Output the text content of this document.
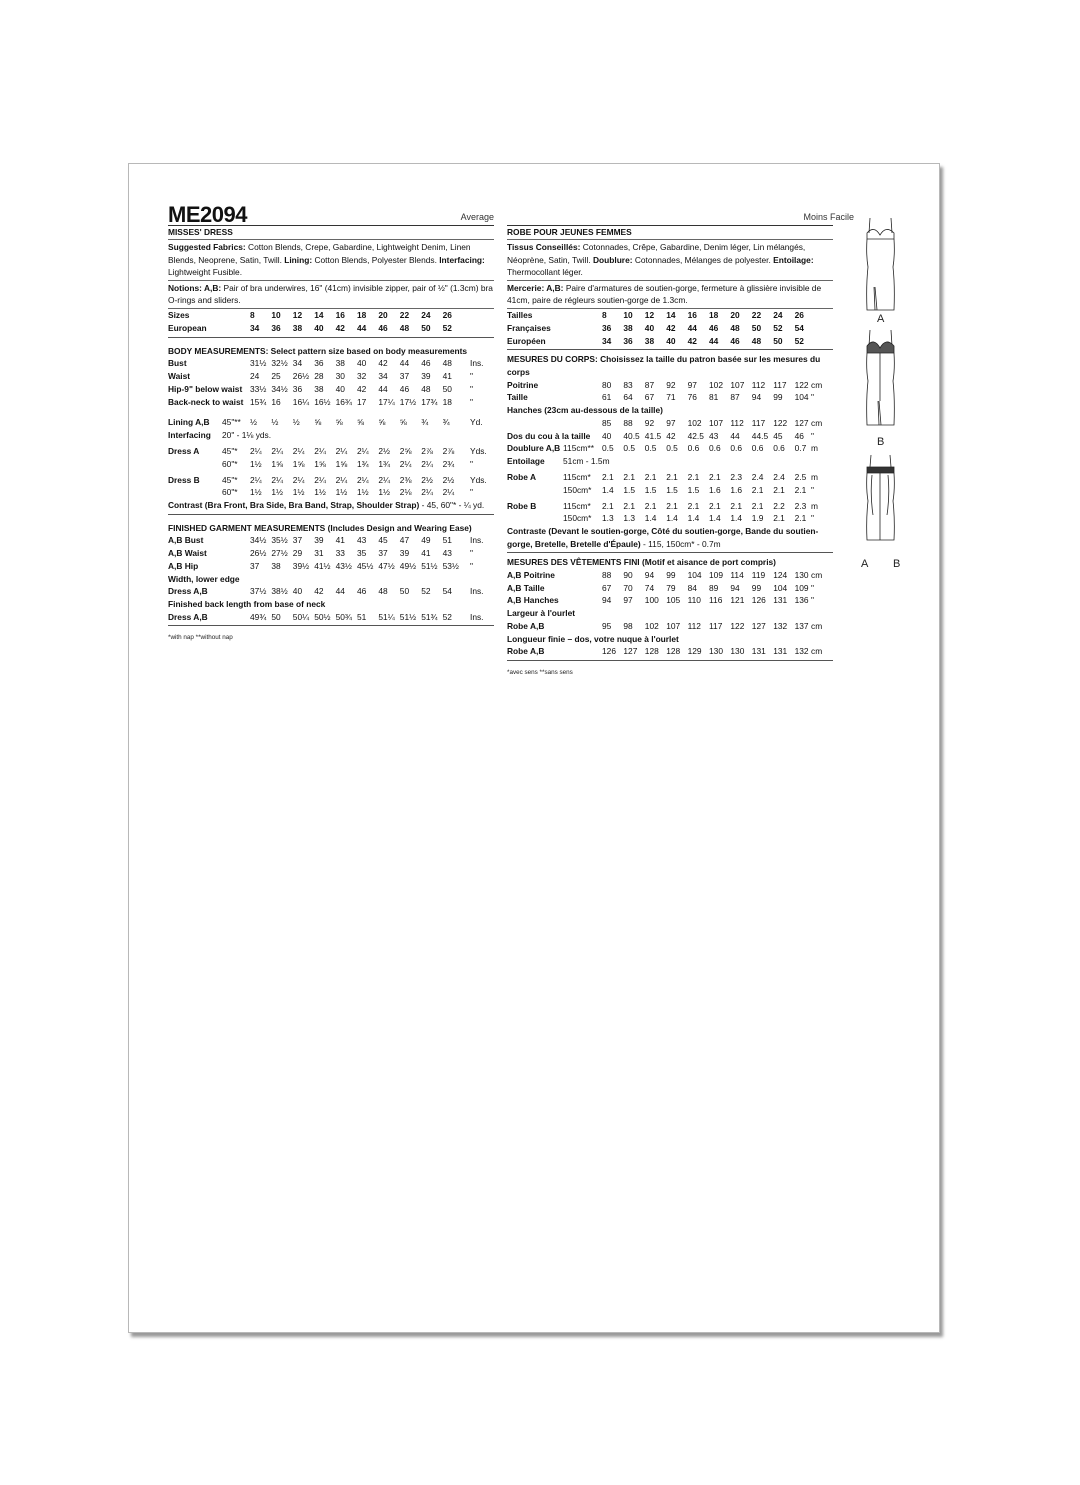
ME2094	Average
MISSES' DRESS
Suggested Fabrics: Cotton Blends, Crepe, Gabardine, Lightweight Denim, Linen Blends, Neoprene, Satin, Twill. Lining: Cotton Blends, Polyester Blends. Interfacing: Lightweight Fusible.
Notions: A,B: Pair of bra underwires, 16" (41cm) invisible zipper, pair of ½" (1.3cm) bra O-rings and sliders.
Sizes	8 10 12 14 16 18 20 22 24 26
European	34 36 38 40 42 44 46 48 50 52
BODY MEASUREMENTS: Select pattern size based on body measurements
Bust	31½ 32½ 34 36 38 40 42 44 46 48 Ins.
Waist	24 25 26½ 28 30 32 34 37 39 41 "
Hip-9" below waist 33½ 34½ 36 38 40 42 44 46 48 50 "
Back-neck to waist 15¾ 16 16¼ 16½ 16¾ 17 17¼ 17½ 17¾ 18 "
Lining A,B 45"** ½ ½ ½ ⅝ ⅝ ⅝ ⅝ ⅝ ¾ ¾ Yd.
Interfacing 20" - 1⅛ yds.
Dress A	45"* 2¼ 2¼ 2¼ 2¼ 2¼ 2¼ 2½ 2⅝ 2⅞ 2⅞ Yds.
60"* 1½ 1⅝ 1⅝ 1⅝ 1⅝ 1¾ 1¾ 2¼ 2¼ 2¾ "
Dress B	45"* 2¼ 2¼ 2¼ 2¼ 2¼ 2¼ 2¼ 2⅜ 2½ 2½ Yds.
60"* 1½ 1½ 1½ 1½ 1½ 1½ 1½ 2⅛ 2¼ 2¼ "
Contrast (Bra Front, Bra Side, Bra Band, Strap, Shoulder Strap) - 45, 60"* - ¼ yd.
FINISHED GARMENT MEASUREMENTS (Includes Design and Wearing Ease)
A,B Bust	34½ 35½ 37 39 41 43 45 47 49 51 Ins.
A,B Waist	26½ 27½ 29 31 33 35 37 39 41 43 "
A,B Hip	37 38 39½ 41½ 43½ 45½ 47½ 49½ 51½ 53½ "
Width, lower edge
Dress A,B	37½ 38½ 40 42 44 46 48 50 52 54 Ins.
Finished back length from base of neck
Dress A,B	49¾ 50 50¼ 50½ 50¾ 51 51¼ 51½ 51¾ 52 Ins.
*with nap **without nap
Moins Facile
ROBE POUR JEUNES FEMMES
Tissus Conseillés: Cotonnades, Crêpe, Gabardine, Denim léger, Lin mélangés, Néoprène, Satin, Twill. Doublure: Cotonnades, Mélanges de polyester. Entoilage: Thermocollant léger.
Mercerie: A,B: Paire d'armatures de soutien-gorge, fermeture à glissière invisible de 41cm, paire de régleurs soutien-gorge de 1.3cm.
Tailles	8 10 12 14 16 18 20 22 24 26
Françaises	36 38 40 42 44 46 48 50 52 54
Européen	34 36 38 40 42 44 46 48 50 52
MESURES DU CORPS: Choisissez la taille du patron basée sur les mesures du corps
Poitrine	80 83 87 92 97 102 107 112 117 122 cm
Taille	61 64 67 71 76 81 87 94 99 104 "
Hanches (23cm au-dessous de la taille)
85 88 92 97 102 107 112 117 122 127 cm
Dos du cou à la taille 40 40.5 41.5 42 42.5 43 44 44.5 45 46 "
Doublure A,B 115cm** 0.5 0.5 0.5 0.5 0.6 0.6 0.6 0.6 0.6 0.7 m
Entoilage 51cm - 1.5m
Robe A	115cm* 2.1 2.1 2.1 2.1 2.1 2.1 2.3 2.4 2.4 2.5 m
150cm* 1.4 1.5 1.5 1.5 1.5 1.6 1.6 2.1 2.1 2.1 "
Robe B	115cm* 2.1 2.1 2.1 2.1 2.1 2.1 2.1 2.1 2.2 2.3 m
150cm* 1.3 1.3 1.4 1.4 1.4 1.4 1.4 1.9 2.1 2.1 "
Contraste (Devant le soutien-gorge, Côté du soutien-gorge, Bande du soutien-gorge, Bretelle, Bretelle d'Épaule) - 115, 150cm* - 0.7m
MESURES DES VÊTEMENTS FINI (Motif et aisance de port compris)
A,B Poitrine	88 90 94 99 104 109 114 119 124 130 cm
A,B Taille	67 70 74 79 84 89 94 99 104 109 "
A,B Hanches	94 97 100 105 110 116 121 126 131 136 "
Largeur à l'ourlet
Robe A,B	95 98 102 107 112 117 122 127 132 137 cm
Longueur finie – dos, votre nuque à l'ourlet
Robe A,B	126 127 128 128 129 130 130 131 131 132 cm
*avec sens **sans sens
A
B
A B
